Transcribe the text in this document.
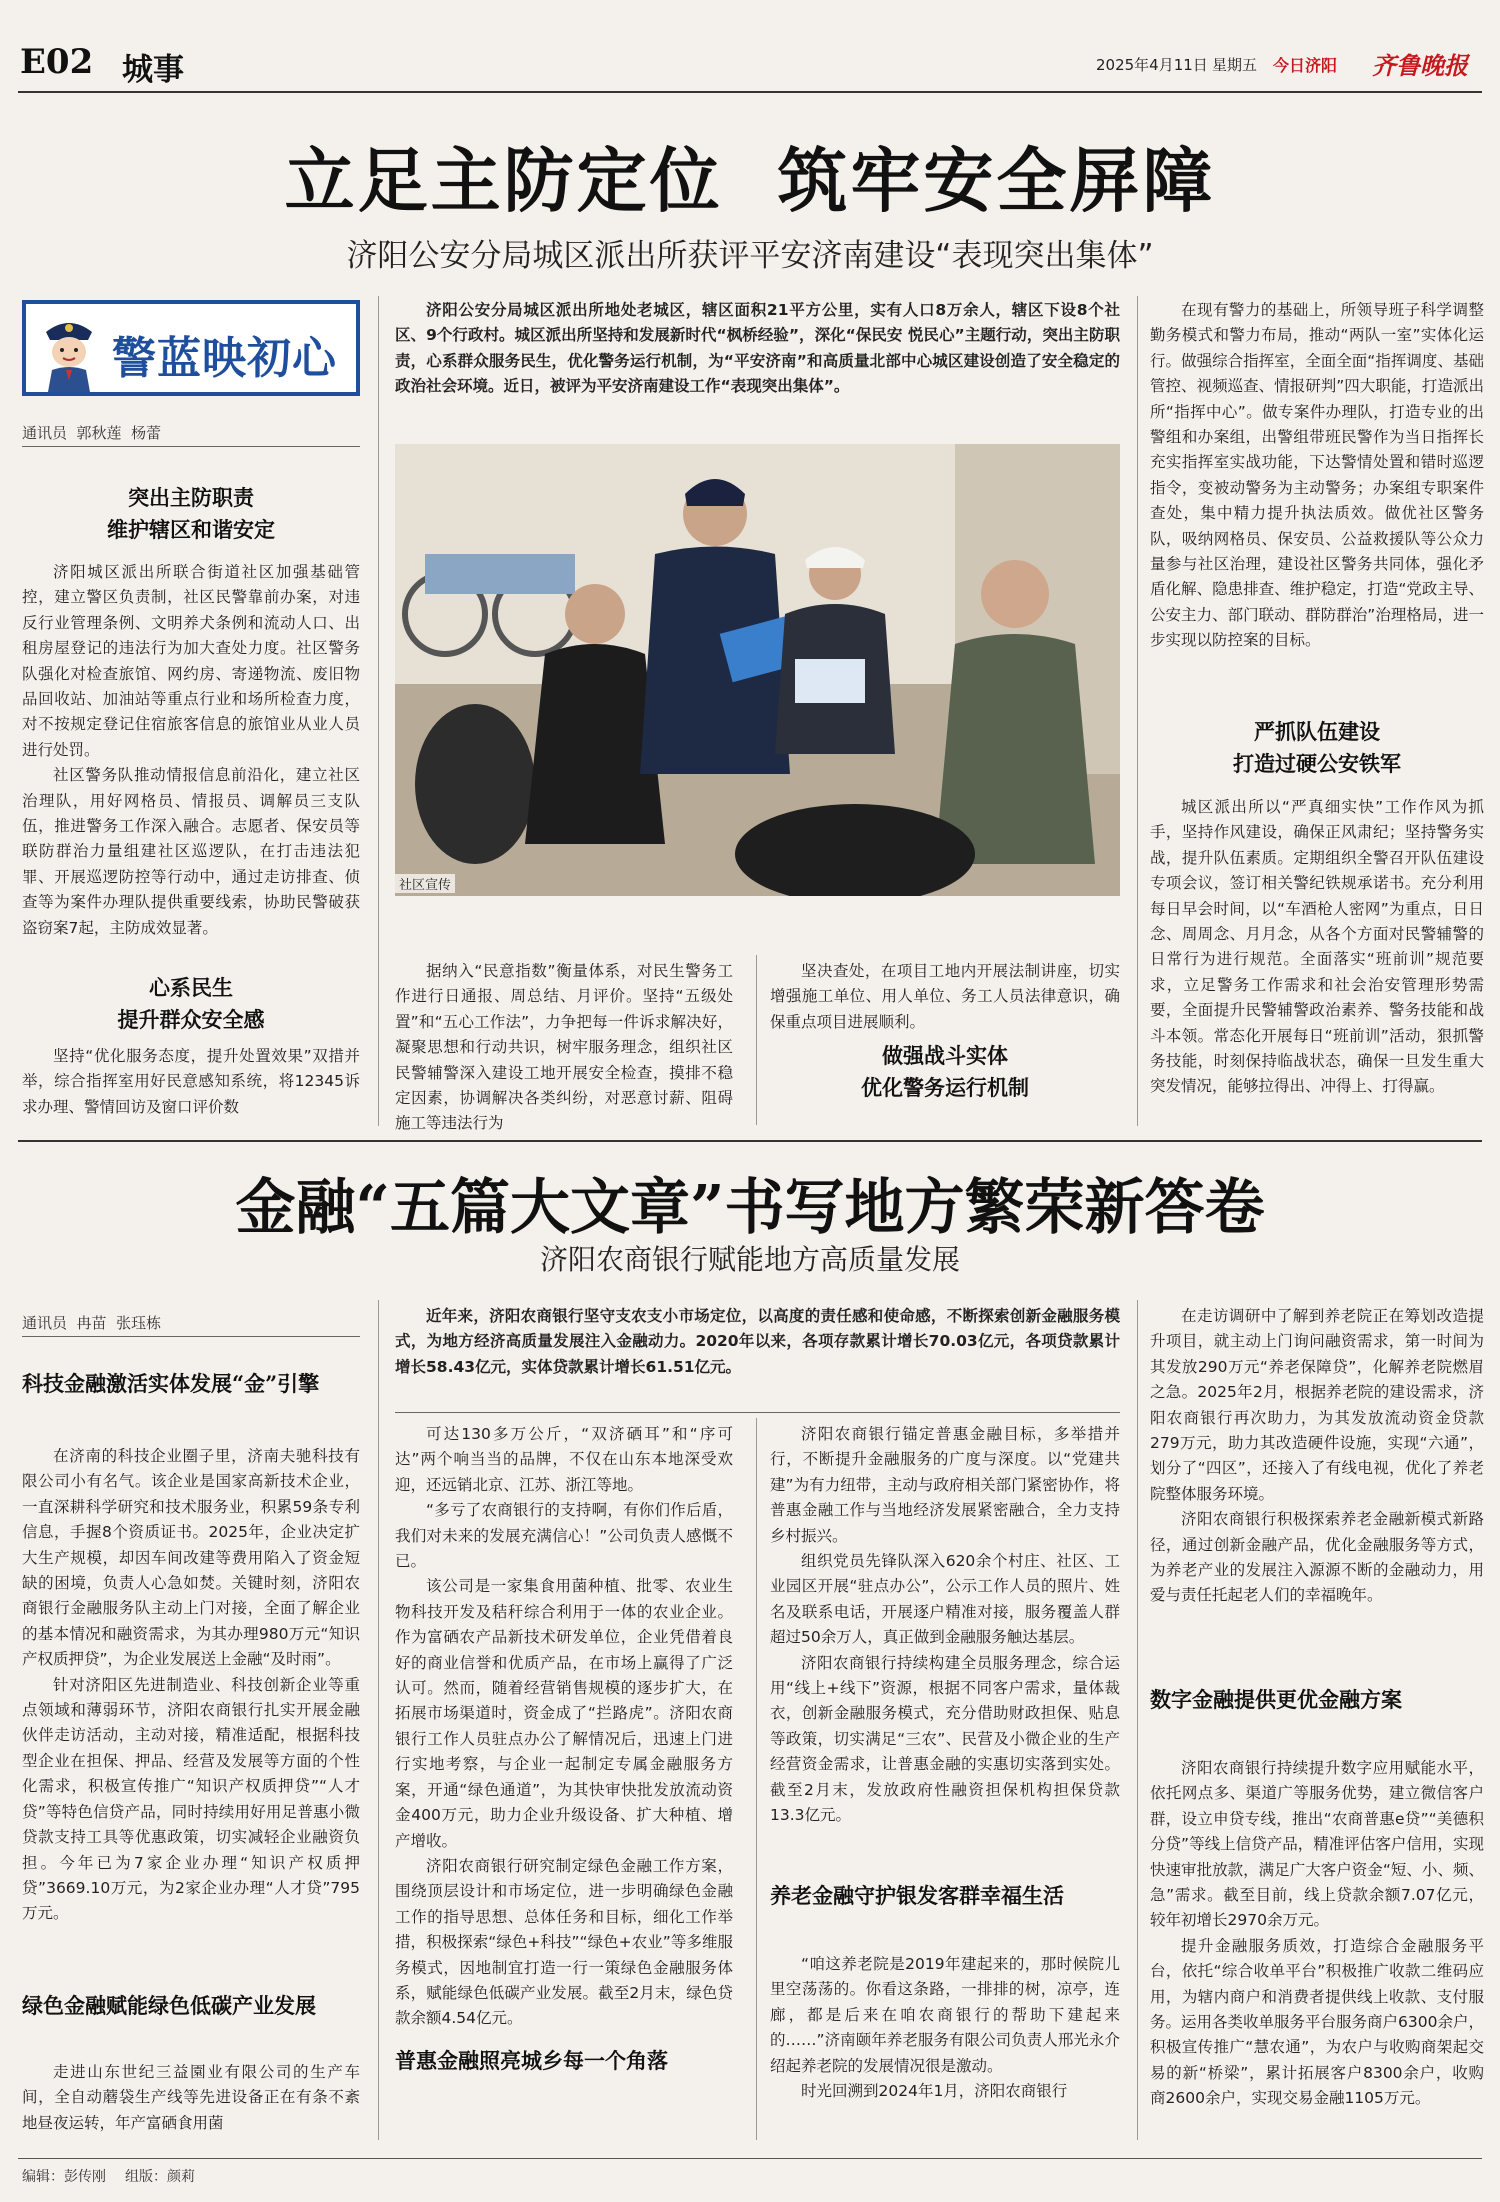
E02 城事	2025年4月11日 星期五 今日济阳 齐鲁晚报
立足主防定位  筑牢安全屏障
济阳公安分局城区派出所获评平安济南建设“表现突出集体”
警蓝映初心
通讯员  郭秋莲  杨蕾
突出主防职责
维护辖区和谐安定

济阳城区派出所联合街道社区加强基础管控，建立警区负责制，社区民警靠前办案，对违反行业管理条例、文明养犬条例和流动人口、出租房屋登记的违法行为加大查处力度。社区警务队强化对检查旅馆、网约房、寄递物流、废旧物品回收站、加油站等重点行业和场所检查力度，对不按规定登记住宿旅客信息的旅馆业从业人员进行处罚。

社区警务队推动情报信息前沿化，建立社区治理队，用好网格员、情报员、调解员三支队伍，推进警务工作深入融合。志愿者、保安员等联防群治力量组建社区巡逻队，在打击违法犯罪、开展巡逻防控等行动中，通过走访排查、侦查等为案件办理队提供重要线索，协助民警破获盗窃案7起，主防成效显著。

心系民生
提升群众安全感

坚持“优化服务态度，提升处置效果”双措并举，综合指挥室用好民意感知系统，将12345诉求办理、警情回访及窗口评价数

济阳公安分局城区派出所地处老城区，辖区面积21平方公里，实有人口8万余人，辖区下设8个社区、9个行政村。城区派出所坚持和发展新时代“枫桥经验”，深化“保民安 悦民心”主题行动，突出主防职责，心系群众服务民生，优化警务运行机制，为“平安济南”和高质量北部中心城区建设创造了安全稳定的政治社会环境。近日，被评为平安济南建设工作“表现突出集体”。
社区宣传

据纳入“民意指数”衡量体系，对民生警务工作进行日通报、周总结、月评价。坚持“五级处置”和“五心工作法”，力争把每一件诉求解决好，凝聚思想和行动共识，树牢服务理念，组织社区民警辅警深入建设工地开展安全检查，摸排不稳定因素，协调解决各类纠纷，对恶意讨薪、阻碍施工等违法行为

坚决查处，在项目工地内开展法制讲座，切实增强施工单位、用人单位、务工人员法律意识，确保重点项目进展顺利。

做强战斗实体
优化警务运行机制

在现有警力的基础上，所领导班子科学调整勤务模式和警力布局，推动“两队一室”实体化运行。做强综合指挥室，全面全面“指挥调度、基础管控、视频巡查、情报研判”四大职能，打造派出所“指挥中心”。做专案件办理队，打造专业的出警组和办案组，出警组带班民警作为当日指挥长充实指挥室实战功能，下达警情处置和错时巡逻指令，变被动警务为主动警务；办案组专职案件查处，集中精力提升执法质效。做优社区警务队，吸纳网格员、保安员、公益救援队等公众力量参与社区治理，建设社区警务共同体，强化矛盾化解、隐患排查、维护稳定，打造“党政主导、公安主力、部门联动、群防群治”治理格局，进一步实现以防控案的目标。

严抓队伍建设
打造过硬公安铁军

城区派出所以“严真细实快”工作作风为抓手，坚持作风建设，确保正风肃纪；坚持警务实战，提升队伍素质。定期组织全警召开队伍建设专项会议，签订相关警纪铁规承诺书。充分利用每日早会时间，以“车酒枪人密网”为重点，日日念、周周念、月月念，从各个方面对民警辅警的日常行为进行规范。全面落实“班前训”规范要求，立足警务工作需求和社会治安管理形势需要，全面提升民警辅警政治素养、警务技能和战斗本领。常态化开展每日“班前训”活动，狠抓警务技能，时刻保持临战状态，确保一旦发生重大突发情况，能够拉得出、冲得上、打得赢。

金融“五篇大文章”书写地方繁荣新答卷
济阳农商银行赋能地方高质量发展
通讯员  冉苗  张珏栋
科技金融激活实体发展“金”引擎

在济南的科技企业圈子里，济南夫驰科技有限公司小有名气。该企业是国家高新技术企业，一直深耕科学研究和技术服务业，积累59条专利信息，手握8个资质证书。2025年，企业决定扩大生产规模，却因车间改建等费用陷入了资金短缺的困境，负责人心急如焚。关键时刻，济阳农商银行金融服务队主动上门对接，全面了解企业的基本情况和融资需求，为其办理980万元“知识产权质押贷”，为企业发展送上金融“及时雨”。

针对济阳区先进制造业、科技创新企业等重点领域和薄弱环节，济阳农商银行扎实开展金融伙伴走访活动，主动对接，精准适配，根据科技型企业在担保、押品、经营及发展等方面的个性化需求，积极宣传推广“知识产权质押贷”“人才贷”等特色信贷产品，同时持续用好用足普惠小微贷款支持工具等优惠政策，切实减轻企业融资负担。今年已为7家企业办理“知识产权质押贷”3669.10万元，为2家企业办理“人才贷”795万元。

绿色金融赋能绿色低碳产业发展

走进山东世纪三益園业有限公司的生产车间，全自动蘑袋生产线等先进设备正在有条不紊地昼夜运转，年产富硒食用菌

近年来，济阳农商银行坚守支农支小市场定位，以高度的责任感和使命感，不断探索创新金融服务模式，为地方经济高质量发展注入金融动力。2020年以来，各项存款累计增长70.03亿元，各项贷款累计增长58.43亿元，实体贷款累计增长61.51亿元。

可达130多万公斤，“双济硒耳”和“序可达”两个响当当的品牌，不仅在山东本地深受欢迎，还远销北京、江苏、浙江等地。

“多亏了农商银行的支持啊，有你们作后盾，我们对未来的发展充满信心！”公司负责人感慨不已。

该公司是一家集食用菌种植、批零、农业生物科技开发及秸秆综合利用于一体的农业企业。作为富硒农产品新技术研发单位，企业凭借着良好的商业信誉和优质产品，在市场上赢得了广泛认可。然而，随着经营销售规模的逐步扩大，在拓展市场渠道时，资金成了“拦路虎”。济阳农商银行工作人员驻点办公了解情况后，迅速上门进行实地考察，与企业一起制定专属金融服务方案，开通“绿色通道”，为其快审快批发放流动资金400万元，助力企业升级设备、扩大种植、增产增收。

济阳农商银行研究制定绿色金融工作方案，围绕顶层设计和市场定位，进一步明确绿色金融工作的指导思想、总体任务和目标，细化工作举措，积极探索“绿色+科技”“绿色+农业”等多维服务模式，因地制宜打造一行一策绿色金融服务体系，赋能绿色低碳产业发展。截至2月末，绿色贷款余额4.54亿元。

普惠金融照亮城乡每一个角落

济阳农商银行锚定普惠金融目标，多举措并行，不断提升金融服务的广度与深度。以“党建共建”为有力纽带，主动与政府相关部门紧密协作，将普惠金融工作与当地经济发展紧密融合，全力支持乡村振兴。

组织党员先锋队深入620余个村庄、社区、工业园区开展“驻点办公”，公示工作人员的照片、姓名及联系电话，开展逐户精准对接，服务覆盖人群超过50余万人，真正做到金融服务触达基层。

济阳农商银行持续构建全员服务理念，综合运用“线上+线下”资源，根据不同客户需求，量体裁衣，创新金融服务模式，充分借助财政担保、贴息等政策，切实满足“三农”、民营及小微企业的生产经营资金需求，让普惠金融的实惠切实落到实处。截至2月末，发放政府性融资担保机构担保贷款13.3亿元。

养老金融守护银发客群幸福生活

“咱这养老院是2019年建起来的，那时候院儿里空荡荡的。你看这条路，一排排的树，凉亭，连廊，都是后来在咱农商银行的帮助下建起来的……”济南颐年养老服务有限公司负责人邢光永介绍起养老院的发展情况很是激动。

时光回溯到2024年1月，济阳农商银行

在走访调研中了解到养老院正在筹划改造提升项目，就主动上门询问融资需求，第一时间为其发放290万元“养老保障贷”，化解养老院燃眉之急。2025年2月，根据养老院的建设需求，济阳农商银行再次助力，为其发放流动资金贷款279万元，助力其改造硬件设施，实现“六通”，划分了“四区”，还接入了有线电视，优化了养老院整体服务环境。

济阳农商银行积极探索养老金融新模式新路径，通过创新金融产品，优化金融服务等方式，为养老产业的发展注入源源不断的金融动力，用爱与责任托起老人们的幸福晚年。

数字金融提供更优金融方案

济阳农商银行持续提升数字应用赋能水平，依托网点多、渠道广等服务优势，建立微信客户群，设立申贷专线，推出“农商普惠e贷”“美德积分贷”等线上信贷产品，精准评估客户信用，实现快速审批放款，满足广大客户资金“短、小、频、急”需求。截至目前，线上贷款余额7.07亿元，较年初增长2970余万元。

提升金融服务质效，打造综合金融服务平台，依托“综合收单平台”积极推广收款二维码应用，为辖内商户和消费者提供线上收款、支付服务。运用各类收单服务平台服务商户6300余户，积极宣传推广“慧农通”，为农户与收购商架起交易的新“桥梁”，累计拓展客户8300余户，收购商2600余户，实现交易金融1105万元。

编辑：彭传刚 组版：颜莉
